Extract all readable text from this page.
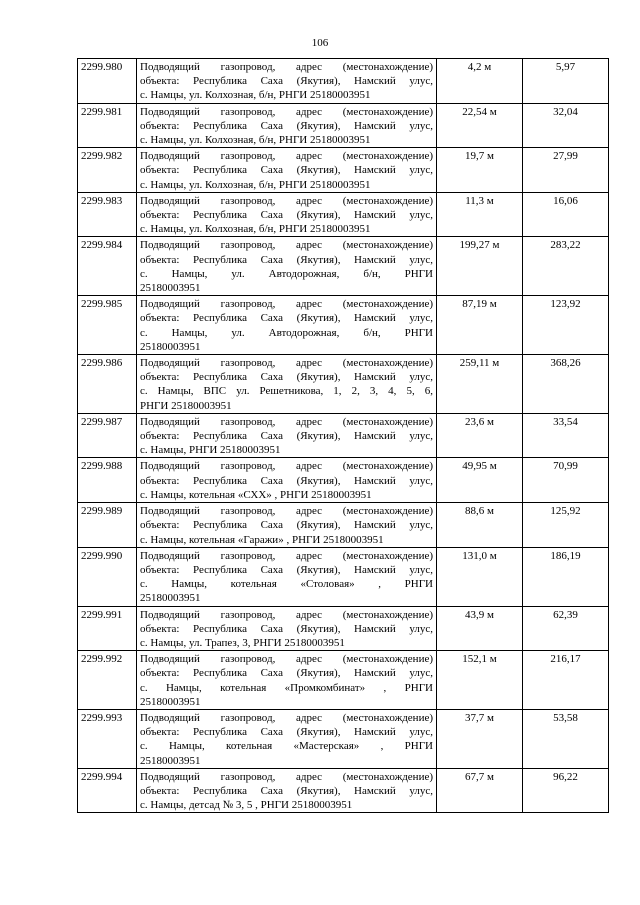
106
2299.980	Подводящий газопровод, адрес (местонахождение)
объекта: Республика Саха (Якутия), Намский улус,
с. Намцы, ул. Колхозная, б/н, РНГИ 25180003951	4,2 м	5,97
2299.981	Подводящий газопровод, адрес (местонахождение)
объекта: Республика Саха (Якутия), Намский улус,
с. Намцы, ул. Колхозная, б/н, РНГИ 25180003951	22,54 м	32,04
2299.982	Подводящий газопровод, адрес (местонахождение)
объекта: Республика Саха (Якутия), Намский улус,
с. Намцы, ул. Колхозная, б/н, РНГИ 25180003951	19,7 м	27,99
2299.983	Подводящий газопровод, адрес (местонахождение)
объекта: Республика Саха (Якутия), Намский улус,
с. Намцы, ул. Колхозная, б/н, РНГИ 25180003951	11,3 м	16,06
2299.984	Подводящий газопровод, адрес (местонахождение)
объекта: Республика Саха (Якутия), Намский улус,
с. Намцы, ул. Автодорожная, б/н, РНГИ
25180003951	199,27 м	283,22
2299.985	Подводящий газопровод, адрес (местонахождение)
объекта: Республика Саха (Якутия), Намский улус,
с. Намцы, ул. Автодорожная, б/н, РНГИ
25180003951	87,19 м	123,92
2299.986	Подводящий газопровод, адрес (местонахождение)
объекта: Республика Саха (Якутия), Намский улус,
с. Намцы, ВПС ул. Решетникова, 1, 2, 3, 4, 5, 6,
РНГИ 25180003951	259,11 м	368,26
2299.987	Подводящий газопровод, адрес (местонахождение)
объекта: Республика Саха (Якутия), Намский улус,
с. Намцы, РНГИ 25180003951	23,6 м	33,54
2299.988	Подводящий газопровод, адрес (местонахождение)
объекта: Республика Саха (Якутия), Намский улус,
с. Намцы, котельная «СХХ» , РНГИ 25180003951	49,95 м	70,99
2299.989	Подводящий газопровод, адрес (местонахождение)
объекта: Республика Саха (Якутия), Намский улус,
с. Намцы, котельная «Гаражи» , РНГИ 25180003951	88,6 м	125,92
2299.990	Подводящий газопровод, адрес (местонахождение)
объекта: Республика Саха (Якутия), Намский улус,
с. Намцы, котельная «Столовая» , РНГИ
25180003951	131,0 м	186,19
2299.991	Подводящий газопровод, адрес (местонахождение)
объекта: Республика Саха (Якутия), Намский улус,
с. Намцы, ул. Трапез, 3, РНГИ 25180003951	43,9 м	62,39
2299.992	Подводящий газопровод, адрес (местонахождение)
объекта: Республика Саха (Якутия), Намский улус,
с. Намцы, котельная «Промкомбинат» , РНГИ
25180003951	152,1 м	216,17
2299.993	Подводящий газопровод, адрес (местонахождение)
объекта: Республика Саха (Якутия), Намский улус,
с. Намцы, котельная «Мастерская» , РНГИ
25180003951	37,7 м	53,58
2299.994	Подводящий газопровод, адрес (местонахождение)
объекта: Республика Саха (Якутия), Намский улус,
с. Намцы, детсад № 3, 5 , РНГИ 25180003951	67,7 м	96,22
